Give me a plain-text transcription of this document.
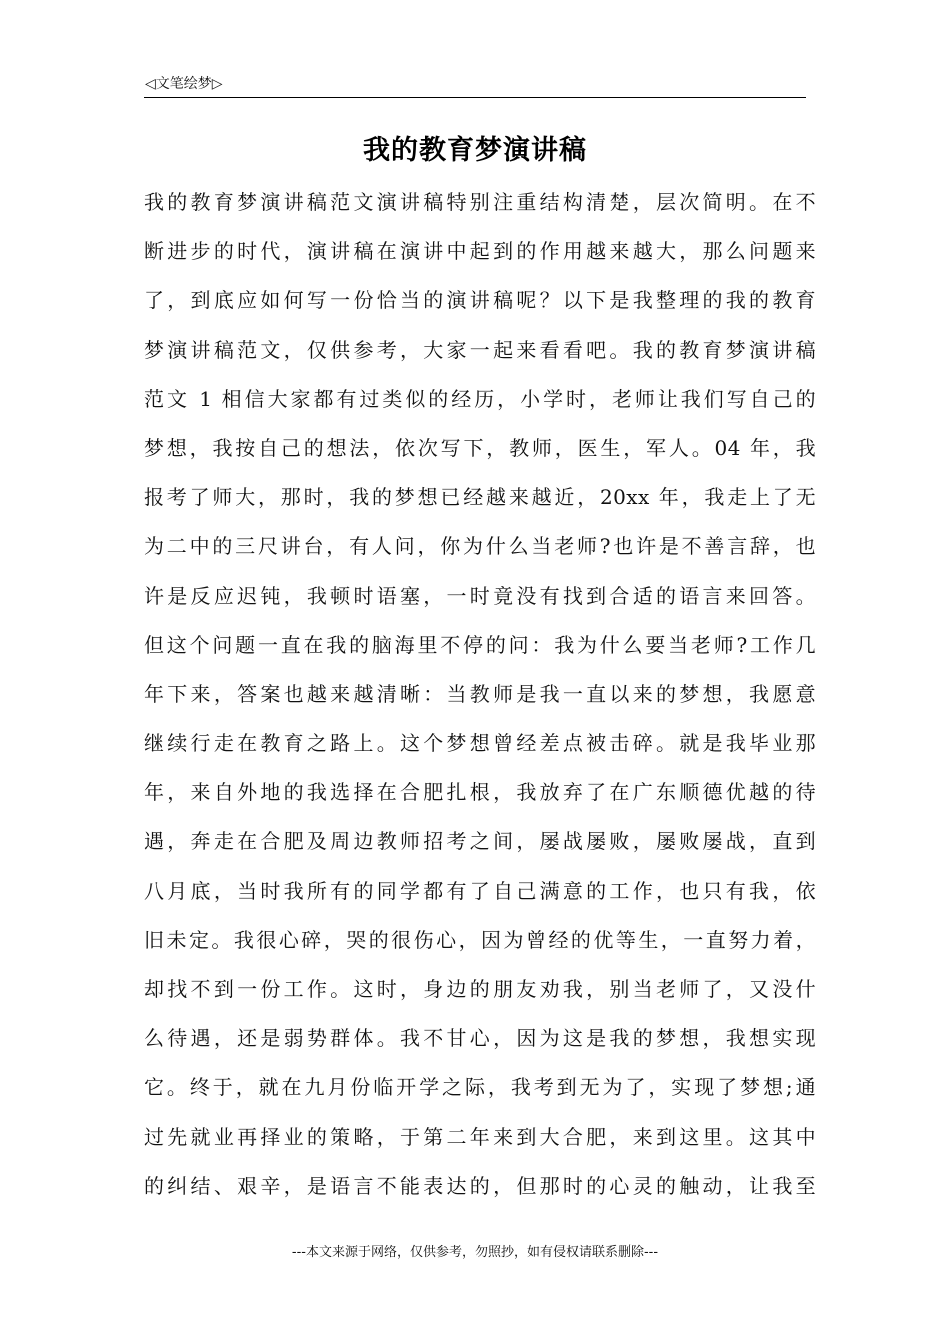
◁文笔绘梦▷
我的教育梦演讲稿
我的教育梦演讲稿范文演讲稿特别注重结构清楚，层次简明。在不
断进步的时代，演讲稿在演讲中起到的作用越来越大，那么问题来
了，到底应如何写一份恰当的演讲稿呢？以下是我整理的我的教育
梦演讲稿范文，仅供参考，大家一起来看看吧。我的教育梦演讲稿
范文 1 相信大家都有过类似的经历，小学时，老师让我们写自己的
梦想，我按自己的想法，依次写下，教师，医生，军人。04 年，我
报考了师大，那时，我的梦想已经越来越近，20xx 年，我走上了无
为二中的三尺讲台，有人问，你为什么当老师?也许是不善言辞，也
许是反应迟钝，我顿时语塞，一时竟没有找到合适的语言来回答。
但这个问题一直在我的脑海里不停的问：我为什么要当老师?工作几
年下来，答案也越来越清晰：当教师是我一直以来的梦想，我愿意
继续行走在教育之路上。这个梦想曾经差点被击碎。就是我毕业那
年，来自外地的我选择在合肥扎根，我放弃了在广东顺德优越的待
遇，奔走在合肥及周边教师招考之间，屡战屡败，屡败屡战，直到
八月底，当时我所有的同学都有了自己满意的工作，也只有我，依
旧未定。我很心碎，哭的很伤心，因为曾经的优等生，一直努力着，
却找不到一份工作。这时，身边的朋友劝我，别当老师了，又没什
么待遇，还是弱势群体。我不甘心，因为这是我的梦想，我想实现
它。终于，就在九月份临开学之际，我考到无为了，实现了梦想;通
过先就业再择业的策略，于第二年来到大合肥，来到这里。这其中
的纠结、艰辛，是语言不能表达的，但那时的心灵的触动，让我至
---本文来源于网络，仅供参考，勿照抄，如有侵权请联系删除---
